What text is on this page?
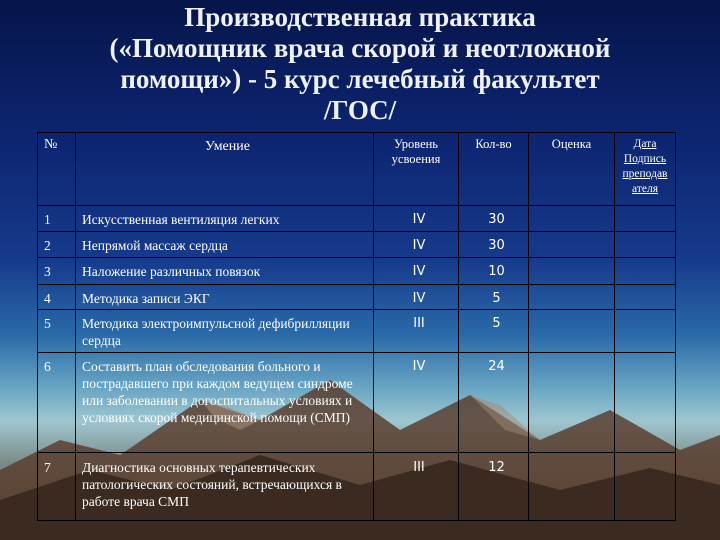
Производственная практика
(«Помощник врача скорой и неотложной
помощи») - 5 курс лечебный факультет
/ГОС/
№	Умение	Уровень усвоения	Кол-во	Оценка	Дата Подпись преподав ателя
1	Искусственная вентиляция легких	IV	30		
2	Непрямой массаж сердца	IV	30		
3	Наложение различных повязок	IV	10		
4	Методика записи ЭКГ	IV	5		
5	Методика электроимпульсной дефибрилляции сердца	III	5		
6	Составить план обследования больного и пострадавшего при каждом ведущем синдроме или заболевании в догоспитальных условиях и условиях скорой медицинской помощи (СМП)	IV	24		
7	Диагностика основных терапевтических патологических состояний, встречающихся в работе врача СМП	III	12		
